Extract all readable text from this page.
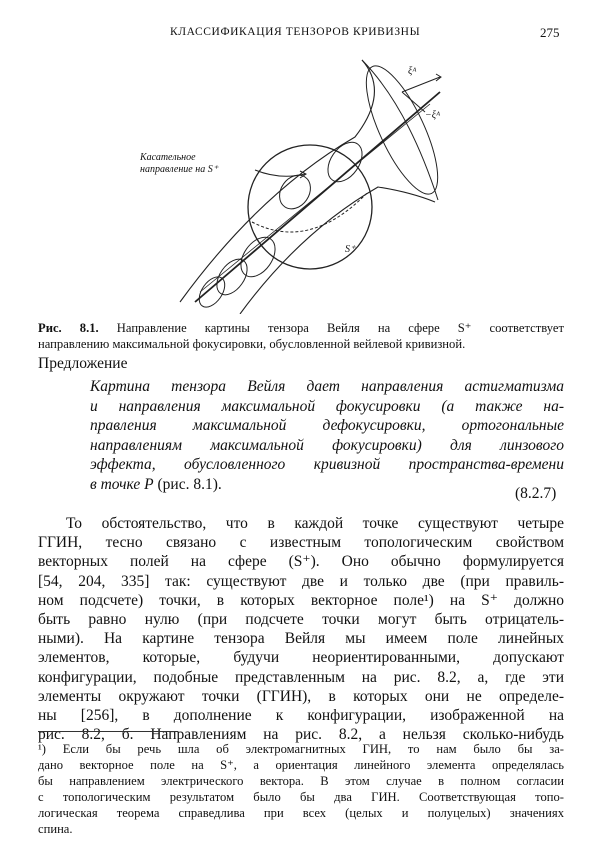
КЛАССИФИКАЦИЯ ТЕНЗОРОВ КРИВИЗНЫ	275
Касательное
направление на S⁺
S⁺
ξᴬ
−ξᴬ
Рис. 8.1. Направление картины тензора Вейля на сфере S⁺ соответствует
направлению максимальной фокусировки, обусловленной вейлевой кривизной.
Предложение
Картина тензора Вейля дает направления астигматизма
и направления максимальной фокусировки (а также на-
правления максимальной дефокусировки, ортогональные
направлениям максимальной фокусировки) для линзового
эффекта, обусловленного кривизной пространства-времени
в точке P (рис. 8.1).
(8.2.7)
То обстоятельство, что в каждой точке существуют четыре
ГГИН, тесно связано с известным топологическим свойством
векторных полей на сфере (S⁺). Оно обычно формулируется
[54, 204, 335] так: существуют две и только две (при правиль-
ном подсчете) точки, в которых векторное поле¹) на S⁺ должно
быть равно нулю (при подсчете точки могут быть отрицатель-
ными). На картине тензора Вейля мы имеем поле линейных
элементов, которые, будучи неориентированными, допускают
конфигурации, подобные представленным на рис. 8.2, а, где эти
элементы окружают точки (ГГИН), в которых они не определе-
ны [256], в дополнение к конфигурации, изображенной на
рис. 8.2, б. Направлениям на рис. 8.2, а нельзя сколько-нибудь
¹) Если бы речь шла об электромагнитных ГИН, то нам было бы за-
дано векторное поле на S⁺, а ориентация линейного элемента определялась
бы направлением электрического вектора. В этом случае в полном согласии
с топологическим результатом было бы два ГИН. Соответствующая топо-
логическая теорема справедлива при всех (целых и полуцелых) значениях
спина.
